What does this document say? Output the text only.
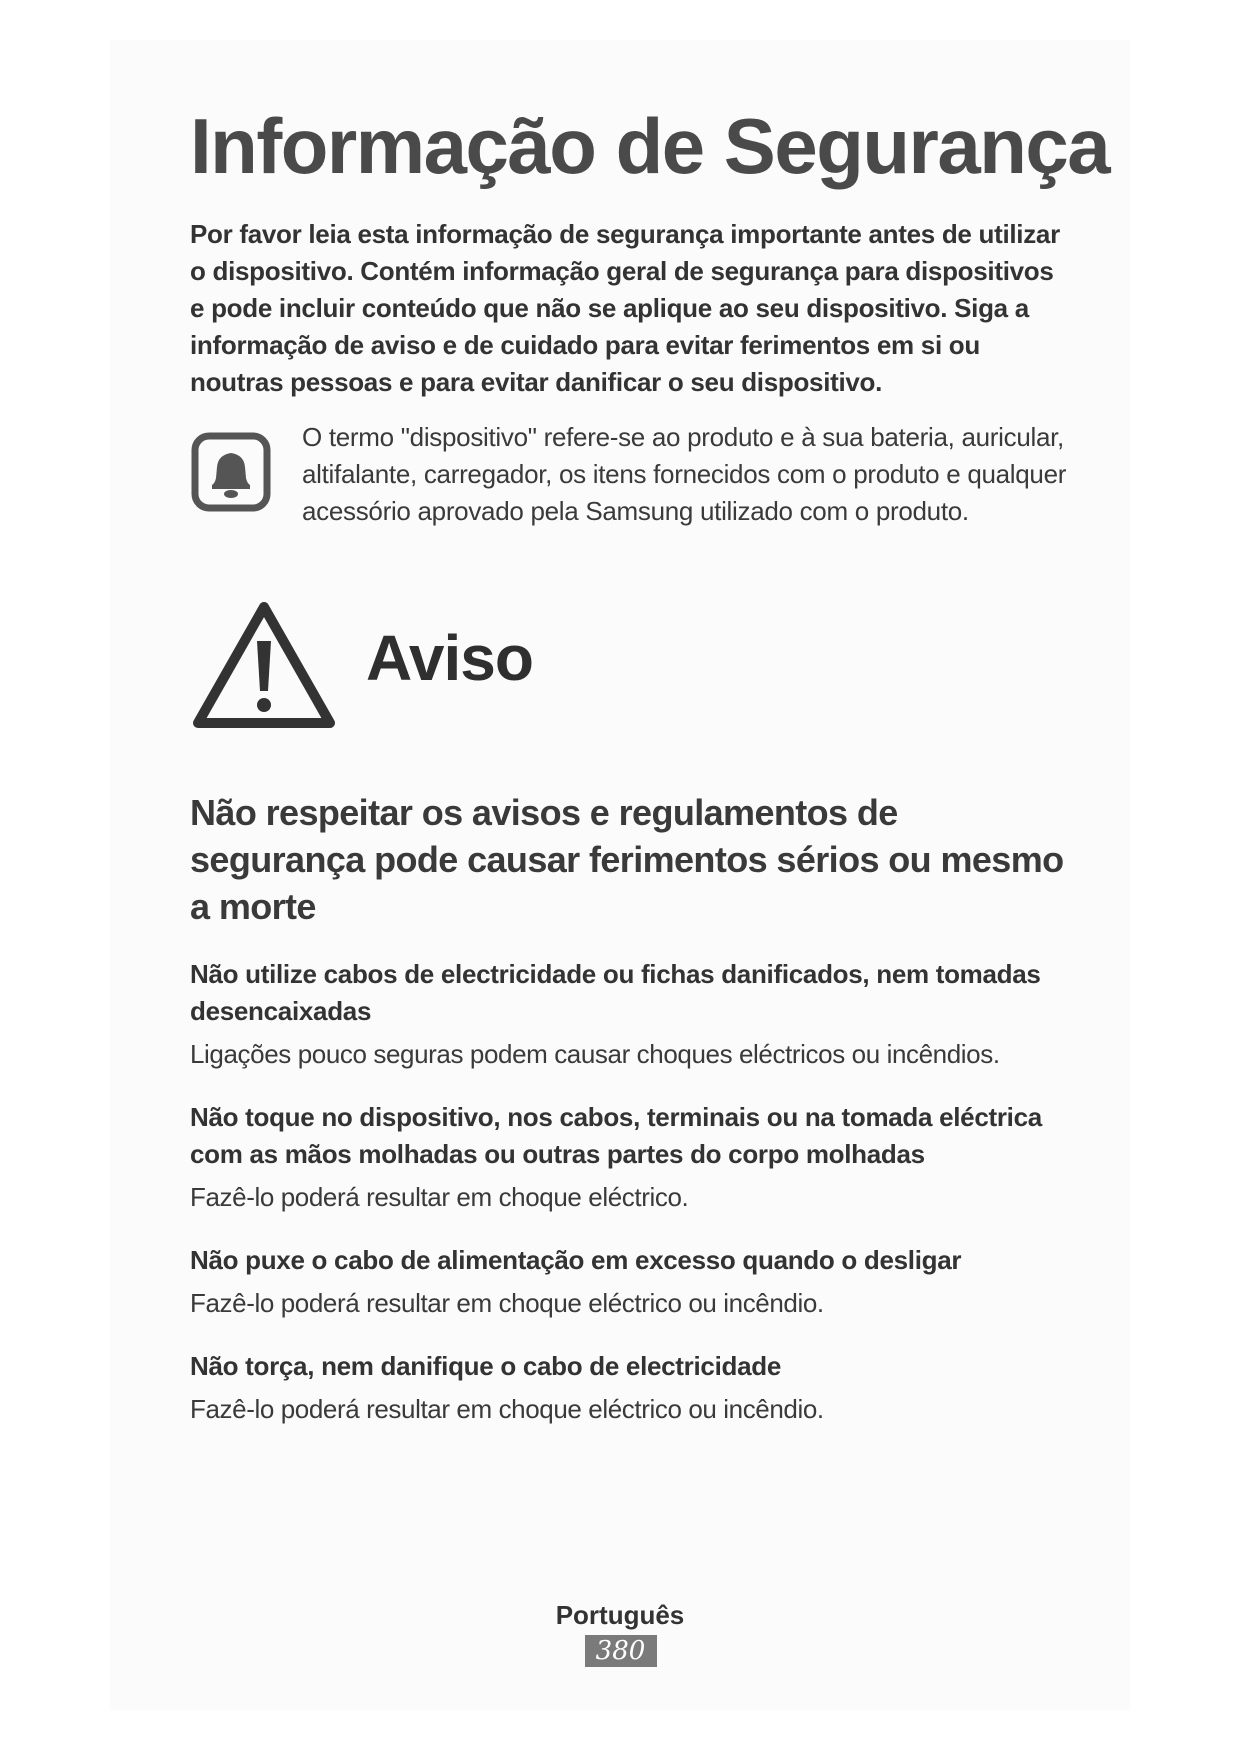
Informação de Segurança
Por favor leia esta informação de segurança importante antes de utilizar o dispositivo. Contém informação geral de segurança para dispositivos e pode incluir conteúdo que não se aplique ao seu dispositivo. Siga a informação de aviso e de cuidado para evitar ferimentos em si ou noutras pessoas e para evitar danificar o seu dispositivo.
O termo "dispositivo" refere-se ao produto e à sua bateria, auricular, altifalante, carregador, os itens fornecidos com o produto e qualquer acessório aprovado pela Samsung utilizado com o produto.
Aviso
Não respeitar os avisos e regulamentos de segurança pode causar ferimentos sérios ou mesmo a morte
Não utilize cabos de electricidade ou fichas danificados, nem tomadas desencaixadas
Ligações pouco seguras podem causar choques eléctricos ou incêndios.
Não toque no dispositivo, nos cabos, terminais ou na tomada eléctrica com as mãos molhadas ou outras partes do corpo molhadas
Fazê-lo poderá resultar em choque eléctrico.
Não puxe o cabo de alimentação em excesso quando o desligar
Fazê-lo poderá resultar em choque eléctrico ou incêndio.
Não torça, nem danifique o cabo de electricidade
Fazê-lo poderá resultar em choque eléctrico ou incêndio.
Português
380
